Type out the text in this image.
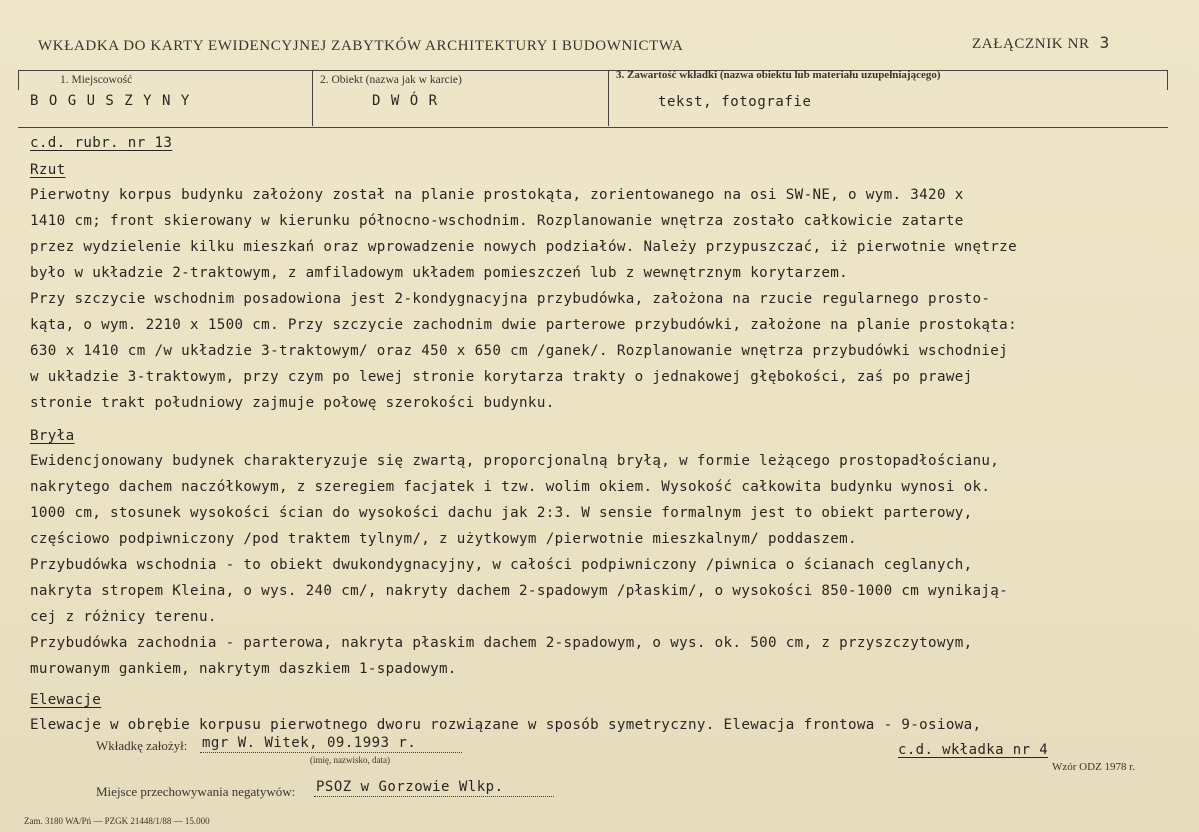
WKŁADKA DO KARTY EWIDENCYJNEJ ZABYTKÓW ARCHITEKTURY I BUDOWNICTWA	ZAŁĄCZNIK NR 3
1. Miejscowość
B O G U S Z Y N Y
2. Obiekt (nazwa jak w karcie)
D W Ó R
3. Zawartość wkładki (nazwa obiektu lub materiału uzupełniającego)
tekst, fotografie
c.d. rubr. nr 13
Rzut
Pierwotny korpus budynku założony został na planie prostokąta, zorientowanego na osi SW-NE, o wym. 3420 x
1410 cm; front skierowany w kierunku północno-wschodnim. Rozplanowanie wnętrza zostało całkowicie zatarte
przez wydzielenie kilku mieszkań oraz wprowadzenie nowych podziałów. Należy przypuszczać, iż pierwotnie wnętrze
było w układzie 2-traktowym, z amfiladowym układem pomieszczeń lub z wewnętrznym korytarzem.
Przy szczycie wschodnim posadowiona jest 2-kondygnacyjna przybudówka, założona na rzucie regularnego prosto-
kąta, o wym. 2210 x 1500 cm. Przy szczycie zachodnim dwie parterowe przybudówki, założone na planie prostokąta:
630 x 1410 cm /w układzie 3-traktowym/ oraz 450 x 650 cm /ganek/. Rozplanowanie wnętrza przybudówki wschodniej
w układzie 3-traktowym, przy czym po lewej stronie korytarza trakty o jednakowej głębokości, zaś po prawej
stronie trakt południowy zajmuje połowę szerokości budynku.
Bryła
Ewidencjonowany budynek charakteryzuje się zwartą, proporcjonalną bryłą, w formie leżącego prostopadłościanu,
nakrytego dachem naczółkowym, z szeregiem facjatek i tzw. wolim okiem. Wysokość całkowita budynku wynosi ok.
1000 cm, stosunek wysokości ścian do wysokości dachu jak 2:3. W sensie formalnym jest to obiekt parterowy,
częściowo podpiwniczony /pod traktem tylnym/, z użytkowym /pierwotnie mieszkalnym/ poddaszem.
Przybudówka wschodnia - to obiekt dwukondygnacyjny, w całości podpiwniczony /piwnica o ścianach ceglanych,
nakryta stropem Kleina, o wys. 240 cm/, nakryty dachem 2-spadowym /płaskim/, o wysokości 850-1000 cm wynikają-
cej z różnicy terenu.
Przybudówka zachodnia - parterowa, nakryta płaskim dachem 2-spadowym, o wys. ok. 500 cm, z przyszczytowym,
murowanym gankiem, nakrytym daszkiem 1-spadowym.
Elewacje
Elewacje w obrębie korpusu pierwotnego dworu rozwiązane w sposób symetryczny. Elewacja frontowa - 9-osiowa,
Wkładkę założył: mgr W. Witek, 09.1993 r.
(imię, nazwisko, data)
c.d. wkładka nr 4
Wzór ODZ 1978 r.
Miejsce przechowywania negatywów: PSOZ w Gorzowie Wlkp.
Zam. 3180 WA/Pń — PZGK 21448/1/88 — 15.000
